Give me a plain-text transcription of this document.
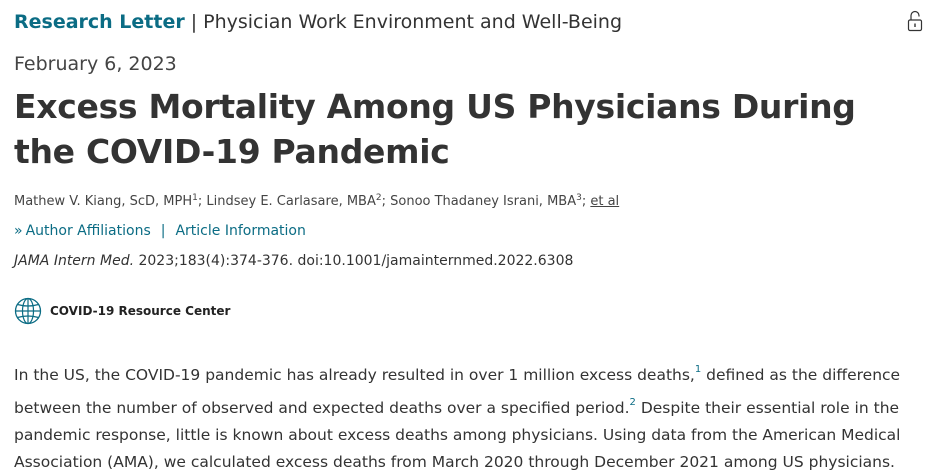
Research Letter | Physician Work Environment and Well-Being
February 6, 2023
Excess Mortality Among US Physicians During the COVID-19 Pandemic
Mathew V. Kiang, ScD, MPH$^1$; Lindsey E. Carlasare, MBA$^2$; Sonoo Thadaney Israni, MBA$^3$; et al
» Author Affiliations | Article Information
JAMA Intern Med. 2023;183(4):374-376. doi:10.1001/jamainternmed.2022.6308
COVID-19 Resource Center

In the US, the COVID-19 pandemic has already resulted in over 1 million excess deaths,$^1$ defined as the difference between the number of observed and expected deaths over a specified period.$^2$ Despite their essential role in the pandemic response, little is known about excess deaths among physicians. Using data from the American Medical Association (AMA), we calculated excess deaths from March 2020 through December 2021 among US physicians.
